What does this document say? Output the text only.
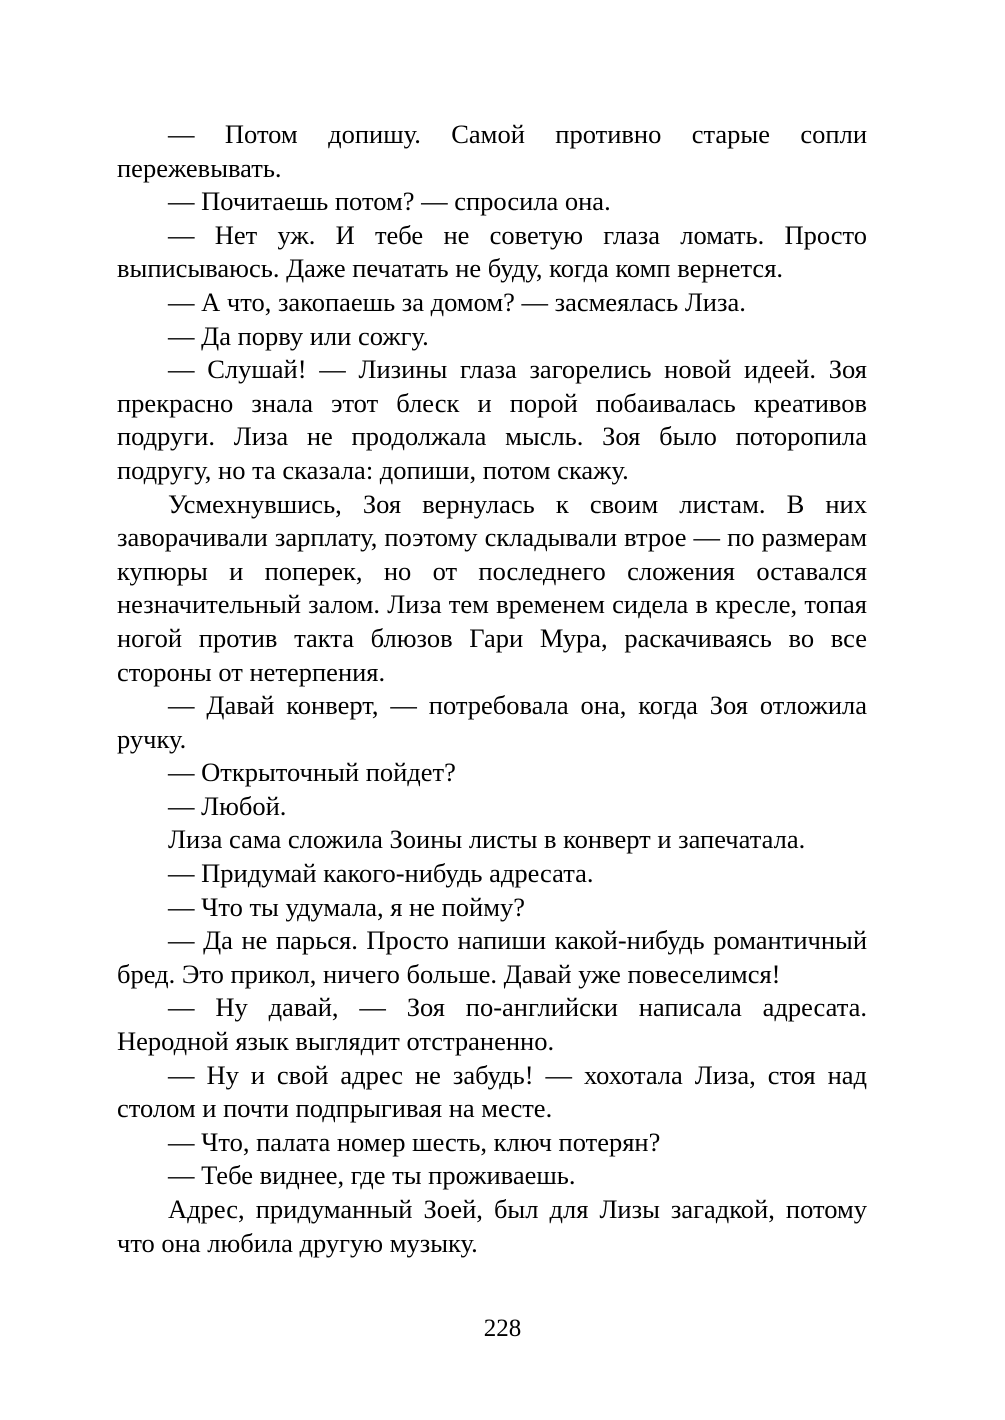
— Потом допишу. Самой противно старые сопли пережевывать.

— Почитаешь потом? — спросила она.

— Нет уж. И тебе не советую глаза ломать. Просто выписываюсь. Даже печатать не буду, когда комп вернется.

— А что, закопаешь за домом? — засмеялась Лиза.

— Да порву или сожгу.

— Слушай! — Лизины глаза загорелись новой идеей. Зоя прекрасно знала этот блеск и порой побаивалась креативов подруги. Лиза не продолжала мысль. Зоя было поторопила подругу, но та сказала: допиши, потом скажу.

Усмехнувшись, Зоя вернулась к своим листам. В них заворачивали зарплату, поэтому складывали втрое — по размерам купюры и поперек, но от последнего сложения оставался незначительный залом. Лиза тем временем сидела в кресле, топая ногой против такта блюзов Гари Мура, раскачиваясь во все стороны от нетерпения.

— Давай конверт, — потребовала она, когда Зоя отложила ручку.

— Открыточный пойдет?

— Любой.

Лиза сама сложила Зоины листы в конверт и запечатала.

— Придумай какого-нибудь адресата.

— Что ты удумала, я не пойму?

— Да не парься. Просто напиши какой-нибудь романтичный бред. Это прикол, ничего больше. Давай уже повеселимся!

— Ну давай, — Зоя по-английски написала адресата. Неродной язык выглядит отстраненно.

— Ну и свой адрес не забудь! — хохотала Лиза, стоя над столом и почти подпрыгивая на месте.

— Что, палата номер шесть, ключ потерян?

— Тебе виднее, где ты проживаешь.

Адрес, придуманный Зоей, был для Лизы загадкой, потому что она любила другую музыку.

228
